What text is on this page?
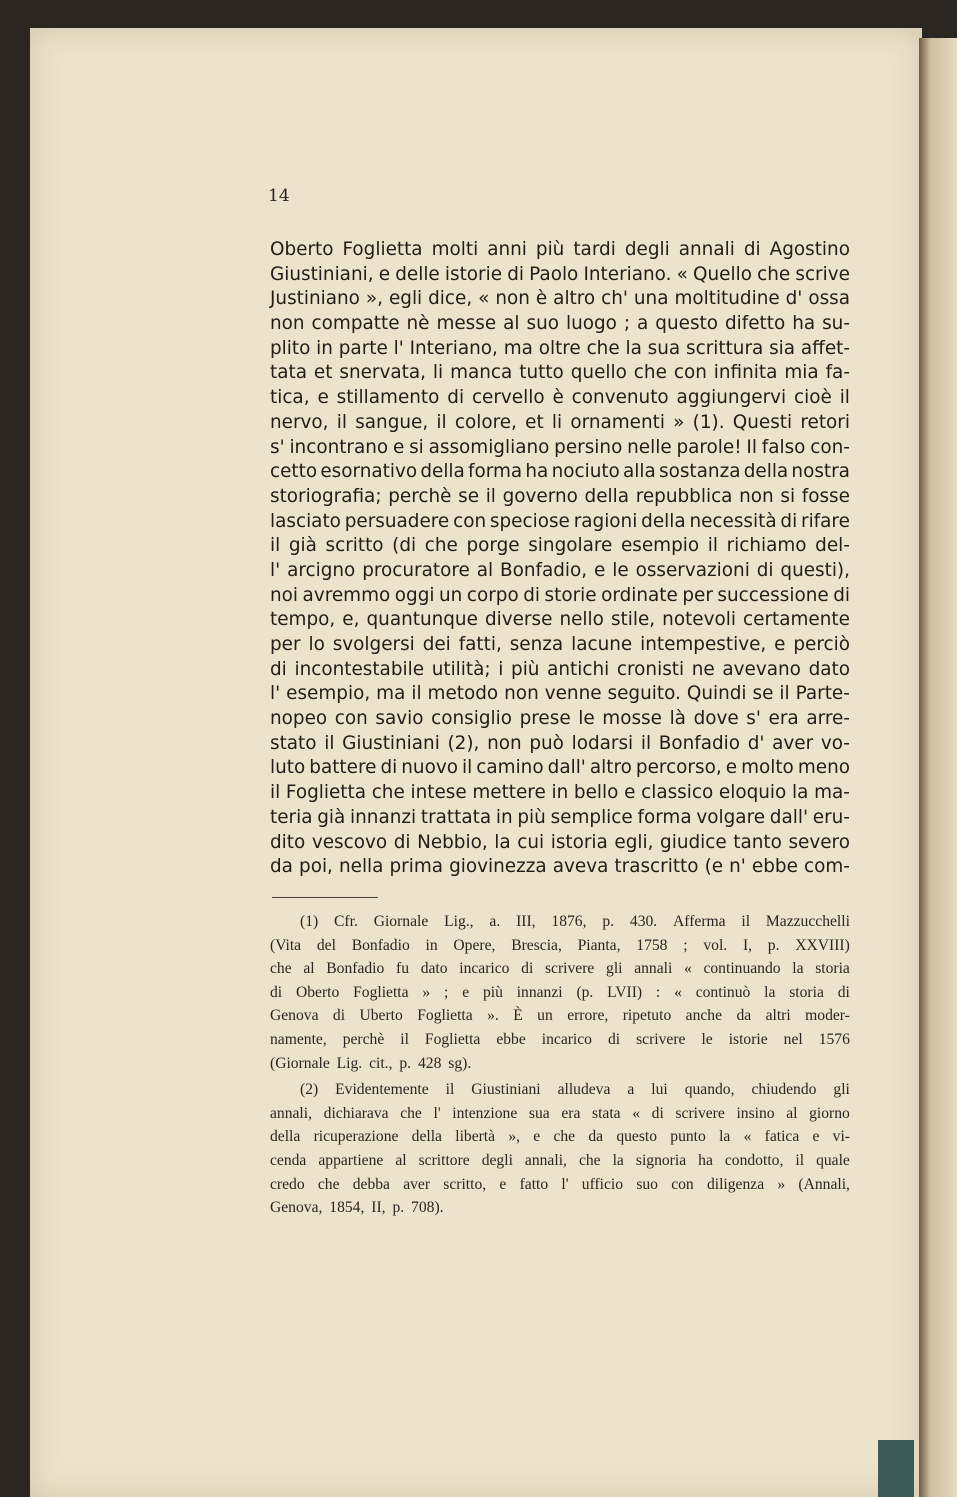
14

Oberto Foglietta molti anni più tardi degli annali di Agostino
Giustiniani, e delle istorie di Paolo Interiano. « Quello che scrive
Justiniano », egli dice, « non è altro ch' una moltitudine d' ossa
non compatte nè messe al suo luogo ; a questo difetto ha su-
plito in parte l' Interiano, ma oltre che la sua scrittura sia affet-
tata et snervata, li manca tutto quello che con infinita mia fa-
tica, e stillamento di cervello è convenuto aggiungervi cioè il
nervo, il sangue, il colore, et li ornamenti » (1). Questi retori
s' incontrano e si assomigliano persino nelle parole! Il falso con-
cetto esornativo della forma ha nociuto alla sostanza della nostra
storiografia; perchè se il governo della repubblica non si fosse
lasciato persuadere con speciose ragioni della necessità di rifare
il già scritto (di che porge singolare esempio il richiamo del-
l' arcigno procuratore al Bonfadio, e le osservazioni di questi),
noi avremmo oggi un corpo di storie ordinate per successione di
tempo, e, quantunque diverse nello stile, notevoli certamente
per lo svolgersi dei fatti, senza lacune intempestive, e perciò
di incontestabile utilità; i più antichi cronisti ne avevano dato
l' esempio, ma il metodo non venne seguito. Quindi se il Parte-
nopeo con savio consiglio prese le mosse là dove s' era arre-
stato il Giustiniani (2), non può lodarsi il Bonfadio d' aver vo-
luto battere di nuovo il camino dall' altro percorso, e molto meno
il Foglietta che intese mettere in bello e classico eloquio la ma-
teria già innanzi trattata in più semplice forma volgare dall' eru-
dito vescovo di Nebbio, la cui istoria egli, giudice tanto severo
da poi, nella prima giovinezza aveva trascritto (e n' ebbe com-
(1) Cfr. Giornale Lig., a. III, 1876, p. 430. Afferma il Mazzucchelli
(Vita del Bonfadio in Opere, Brescia, Pianta, 1758 ; vol. I, p. XXVIII)
che al Bonfadio fu dato incarico di scrivere gli annali « continuando la storia
di Oberto Foglietta » ; e più innanzi (p. LVII) : « continuò la storia di
Genova di Uberto Foglietta ». È un errore, ripetuto anche da altri moder-
namente, perchè il Foglietta ebbe incarico di scrivere le istorie nel 1576
(Giornale Lig. cit., p. 428 sg).
(2) Evidentemente il Giustiniani alludeva a lui quando, chiudendo gli
annali, dichiarava che l' intenzione sua era stata « di scrivere insino al giorno
della ricuperazione della libertà », e che da questo punto la « fatica e vi-
cenda appartiene al scrittore degli annali, che la signoria ha condotto, il quale
credo che debba aver scritto, e fatto l' ufficio suo con diligenza » (Annali,
Genova, 1854, II, p. 708).
